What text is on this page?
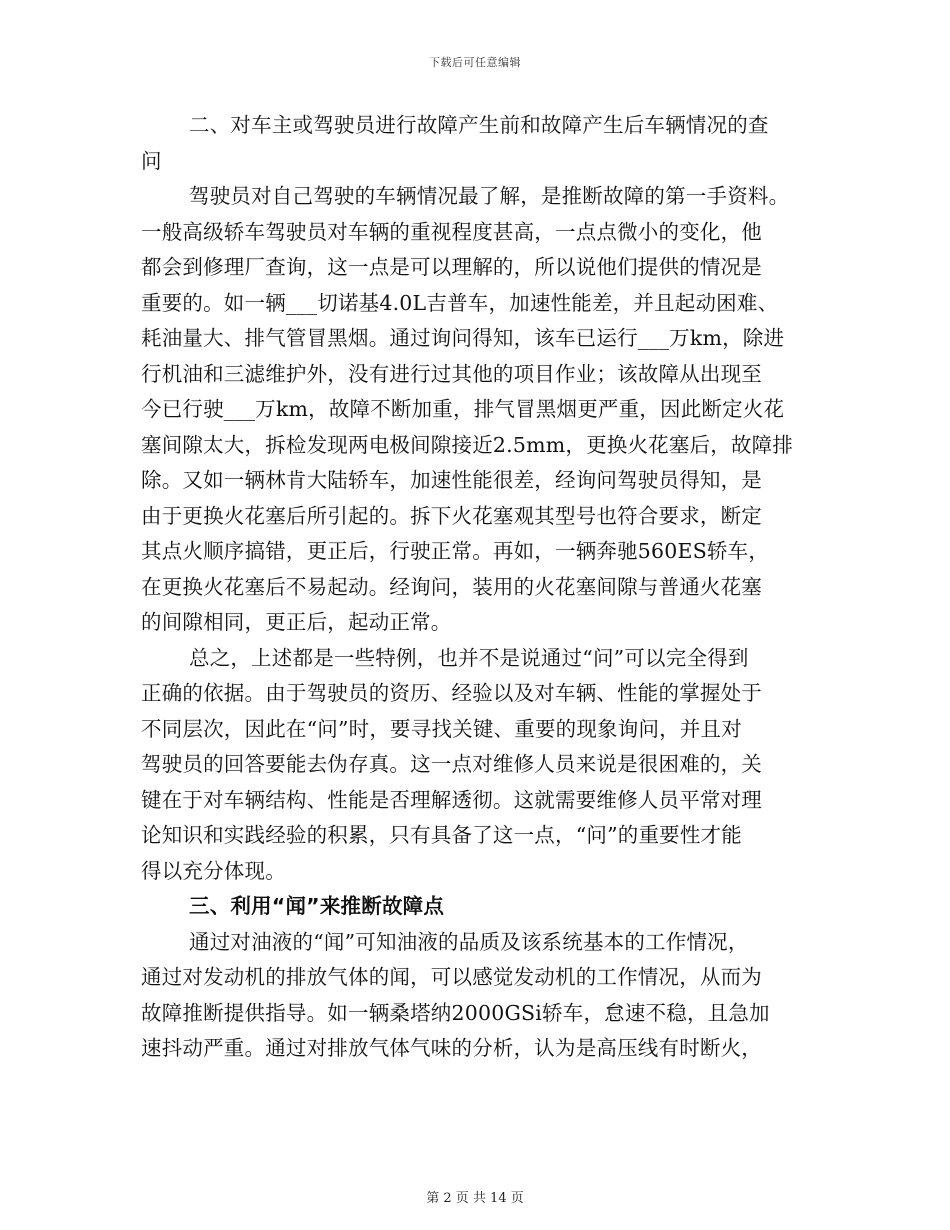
下载后可任意编辑
二、对车主或驾驶员进行故障产生前和故障产生后车辆情况的查
问
驾驶员对自己驾驶的车辆情况最了解，是推断故障的第一手资料。
一般高级轿车驾驶员对车辆的重视程度甚高，一点点微小的变化，他
都会到修理厂查询，这一点是可以理解的，所以说他们提供的情况是
重要的。如一辆___切诺基4.0L吉普车，加速性能差，并且起动困难、
耗油量大、排气管冒黑烟。通过询问得知，该车已运行___万km，除进
行机油和三滤维护外，没有进行过其他的项目作业；该故障从出现至
今已行驶___万km，故障不断加重，排气冒黑烟更严重，因此断定火花
塞间隙太大，拆检发现两电极间隙接近2.5mm，更换火花塞后，故障排
除。又如一辆林肯大陆轿车，加速性能很差，经询问驾驶员得知，是
由于更换火花塞后所引起的。拆下火花塞观其型号也符合要求，断定
其点火顺序搞错，更正后，行驶正常。再如，一辆奔驰560ES轿车，
在更换火花塞后不易起动。经询问，装用的火花塞间隙与普通火花塞
的间隙相同，更正后，起动正常。
总之，上述都是一些特例，也并不是说通过“问”可以完全得到
正确的依据。由于驾驶员的资历、经验以及对车辆、性能的掌握处于
不同层次，因此在“问”时，要寻找关键、重要的现象询问，并且对
驾驶员的回答要能去伪存真。这一点对维修人员来说是很困难的，关
键在于对车辆结构、性能是否理解透彻。这就需要维修人员平常对理
论知识和实践经验的积累，只有具备了这一点，“问”的重要性才能
得以充分体现。
三、利用“闻”来推断故障点
通过对油液的“闻”可知油液的品质及该系统基本的工作情况，
通过对发动机的排放气体的闻，可以感觉发动机的工作情况，从而为
故障推断提供指导。如一辆桑塔纳2000GSi轿车，怠速不稳，且急加
速抖动严重。通过对排放气体气味的分析，认为是高压线有时断火，
第 2 页 共 14 页
